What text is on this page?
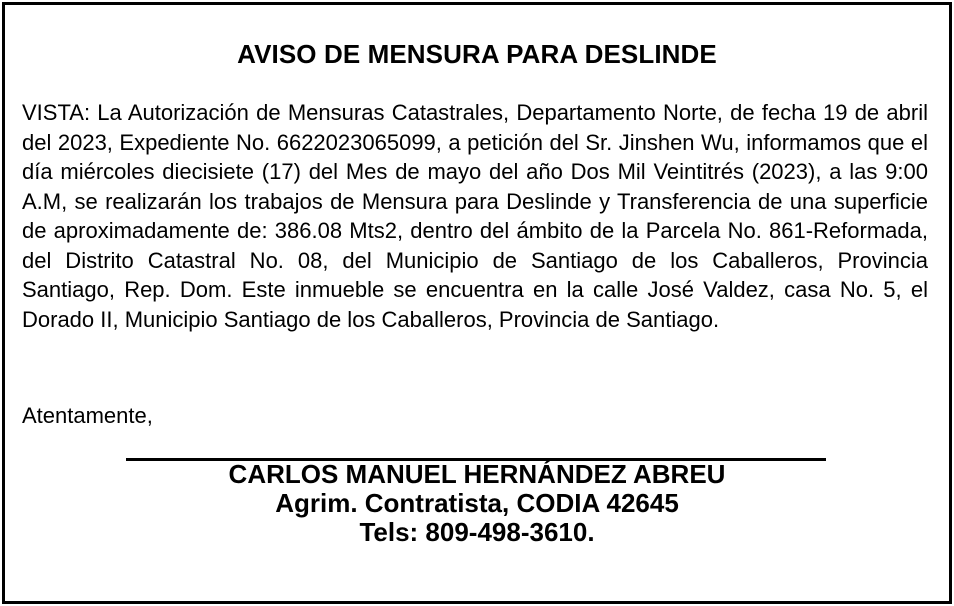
AVISO DE MENSURA PARA DESLINDE
VISTA: La Autorización de Mensuras Catastrales, Departamento Norte, de fecha 19 de abril del 2023, Expediente No. 6622023065099, a petición del Sr. Jinshen Wu, informamos que el día miércoles diecisiete (17) del Mes de mayo del año Dos Mil Veintitrés (2023), a las 9:00 A.M, se realizarán los trabajos de Mensura para Deslinde y Transferencia de una superficie de aproximadamente de: 386.08 Mts2, dentro del ámbito de la Parcela No. 861-Reformada, del Distrito Catastral No. 08, del Municipio de Santiago de los Caballeros, Provincia Santiago, Rep. Dom. Este inmueble se encuentra en la calle José Valdez, casa No. 5, el Dorado II, Municipio Santiago de los Caballeros, Provincia de Santiago.
Atentamente,
CARLOS MANUEL HERNÁNDEZ ABREU
Agrim. Contratista, CODIA 42645
Tels: 809-498-3610.
